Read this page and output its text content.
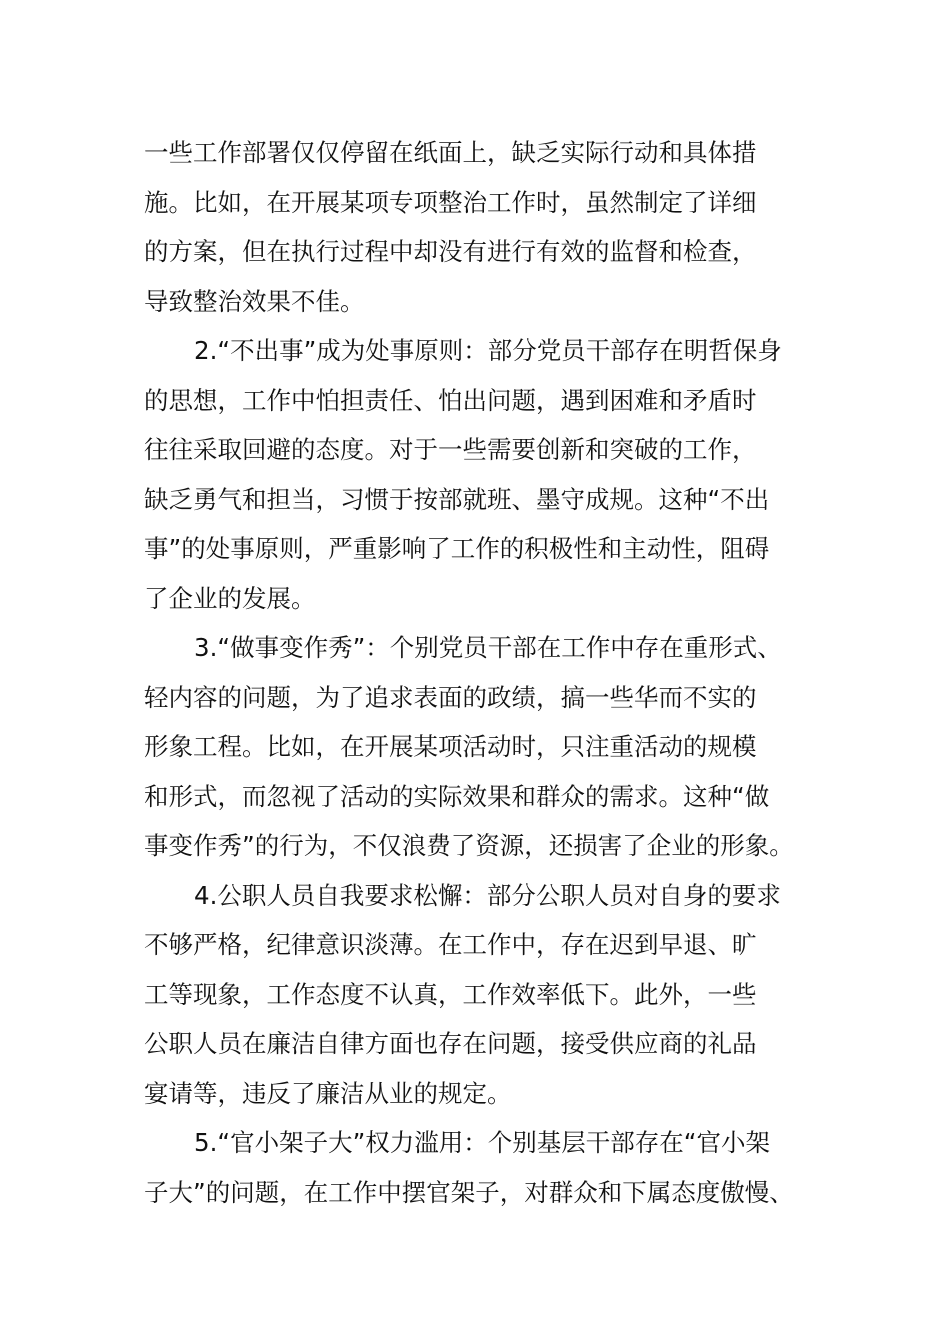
一些工作部署仅仅停留在纸面上，缺乏实际行动和具体措
施。比如，在开展某项专项整治工作时，虽然制定了详细
的方案，但在执行过程中却没有进行有效的监督和检查，
导致整治效果不佳。
2.“不出事”成为处事原则：部分党员干部存在明哲保身
的思想，工作中怕担责任、怕出问题，遇到困难和矛盾时
往往采取回避的态度。对于一些需要创新和突破的工作，
缺乏勇气和担当，习惯于按部就班、墨守成规。这种“不出
事”的处事原则，严重影响了工作的积极性和主动性，阻碍
了企业的发展。
3.“做事变作秀”：个别党员干部在工作中存在重形式、
轻内容的问题，为了追求表面的政绩，搞一些华而不实的
形象工程。比如，在开展某项活动时，只注重活动的规模
和形式，而忽视了活动的实际效果和群众的需求。这种“做
事变作秀”的行为，不仅浪费了资源，还损害了企业的形象。
4.公职人员自我要求松懈：部分公职人员对自身的要求
不够严格，纪律意识淡薄。在工作中，存在迟到早退、旷
工等现象，工作态度不认真，工作效率低下。此外，一些
公职人员在廉洁自律方面也存在问题，接受供应商的礼品
宴请等，违反了廉洁从业的规定。
5.“官小架子大”权力滥用：个别基层干部存在“官小架
子大”的问题，在工作中摆官架子，对群众和下属态度傲慢、
